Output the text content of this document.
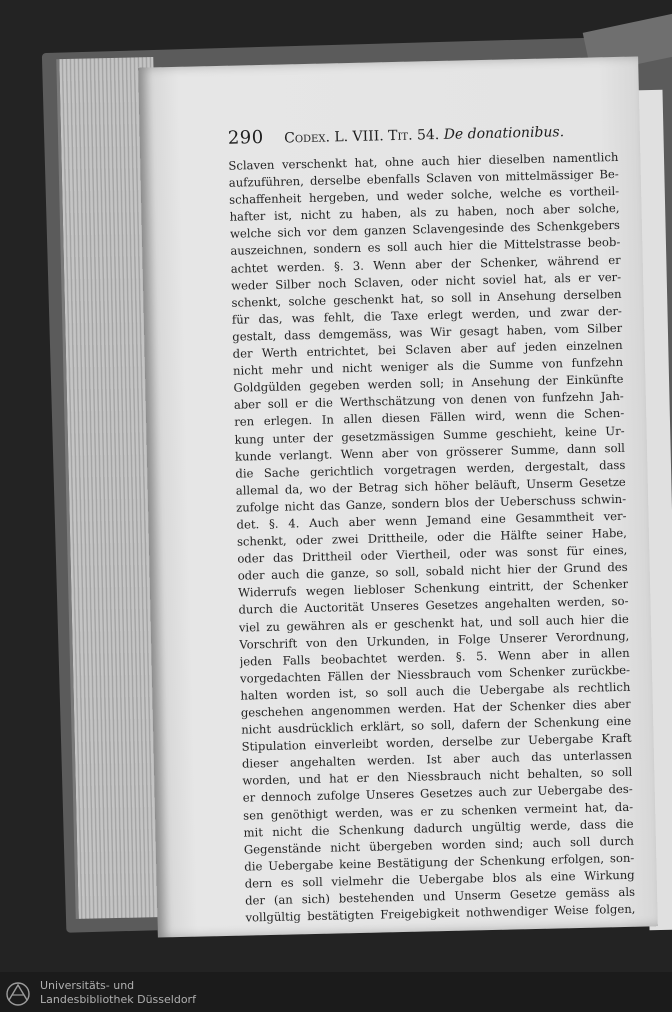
290 Codex. L. VIII. Tit. 54. De donationibus.
Sclaven verschenkt hat, ohne auch hier dieselben namentlich
aufzuführen, derselbe ebenfalls Sclaven von mittelmässiger Be-
schaffenheit hergeben, und weder solche, welche es vortheil-
hafter ist, nicht zu haben, als zu haben, noch aber solche,
welche sich vor dem ganzen Sclavengesinde des Schenkgebers
auszeichnen, sondern es soll auch hier die Mittelstrasse beob-
achtet werden. §. 3. Wenn aber der Schenker, während er
weder Silber noch Sclaven, oder nicht soviel hat, als er ver-
schenkt, solche geschenkt hat, so soll in Ansehung derselben
für das, was fehlt, die Taxe erlegt werden, und zwar der-
gestalt, dass demgemäss, was Wir gesagt haben, vom Silber
der Werth entrichtet, bei Sclaven aber auf jeden einzelnen
nicht mehr und nicht weniger als die Summe von funfzehn
Goldgülden gegeben werden soll; in Ansehung der Einkünfte
aber soll er die Werthschätzung von denen von funfzehn Jah-
ren erlegen. In allen diesen Fällen wird, wenn die Schen-
kung unter der gesetzmässigen Summe geschieht, keine Ur-
kunde verlangt. Wenn aber von grösserer Summe, dann soll
die Sache gerichtlich vorgetragen werden, dergestalt, dass
allemal da, wo der Betrag sich höher beläuft, Unserm Gesetze
zufolge nicht das Ganze, sondern blos der Ueberschuss schwin-
det. §. 4. Auch aber wenn Jemand eine Gesammtheit ver-
schenkt, oder zwei Drittheile, oder die Hälfte seiner Habe,
oder das Drittheil oder Viertheil, oder was sonst für eines,
oder auch die ganze, so soll, sobald nicht hier der Grund des
Widerrufs wegen liebloser Schenkung eintritt, der Schenker
durch die Auctorität Unseres Gesetzes angehalten werden, so-
viel zu gewähren als er geschenkt hat, und soll auch hier die
Vorschrift von den Urkunden, in Folge Unserer Verordnung,
jeden Falls beobachtet werden. §. 5. Wenn aber in allen
vorgedachten Fällen der Niessbrauch vom Schenker zurückbe-
halten worden ist, so soll auch die Uebergabe als rechtlich
geschehen angenommen werden. Hat der Schenker dies aber
nicht ausdrücklich erklärt, so soll, dafern der Schenkung eine
Stipulation einverleibt worden, derselbe zur Uebergabe Kraft
dieser angehalten werden. Ist aber auch das unterlassen
worden, und hat er den Niessbrauch nicht behalten, so soll
er dennoch zufolge Unseres Gesetzes auch zur Uebergabe des-
sen genöthigt werden, was er zu schenken vermeint hat, da-
mit nicht die Schenkung dadurch ungültig werde, dass die
Gegenstände nicht übergeben worden sind; auch soll durch
die Uebergabe keine Bestätigung der Schenkung erfolgen, son-
dern es soll vielmehr die Uebergabe blos als eine Wirkung
der (an sich) bestehenden und Unserm Gesetze gemäss als
vollgültig bestätigten Freigebigkeit nothwendiger Weise folgen,
Universitäts- und
Landesbibliothek Düsseldorf
